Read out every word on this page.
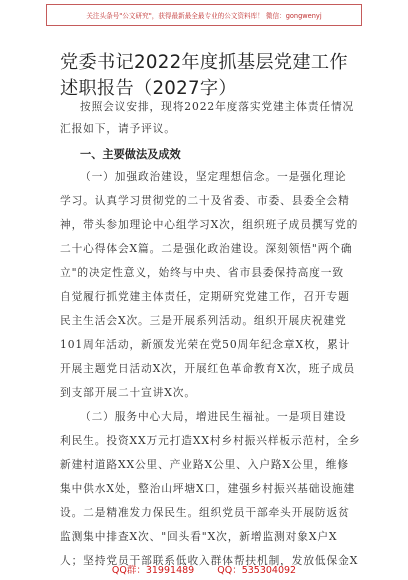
关注头条号"公文研究"，获得最新最全最专业的公文资料库！ 微信：gongwenyj
党委书记2022年度抓基层党建工作述职报告（2027字）
按照会议安排，现将2022年度落实党建主体责任情况
汇报如下，请予评议。
一、主要做法及成效
（一）加强政治建设，坚定理想信念。一是强化理论
学习。认真学习贯彻党的二十及省委、市委、县委全会精
神，带头参加理论中心组学习X次，组织班子成员撰写党的
二十心得体会X篇。二是强化政治建设。深刻领悟"两个确
立"的决定性意义，始终与中央、省市县委保持高度一致
自觉履行抓党建主体责任，定期研究党建工作，召开专题
民主生活会X次。三是开展系列活动。组织开展庆祝建党
101周年活动，新颁发光荣在党50周年纪念章X枚，累计
开展主题党日活动X次，开展红色革命教育X次，班子成员
到支部开展二十宣讲X次。
（二）服务中心大局，增进民生福祉。一是项目建设
利民生。投资XX万元打造XX村乡村振兴样板示范村，全乡
新建村道路XX公里、产业路X公里、入户路X公里，维修
集中供水X处，整治山坪塘X口，建强乡村振兴基础设施建
设。二是精准发力保民生。组织党员干部牵头开展防返贫
监测集中排查X次、"回头看"X次，新增监测对象X户X
人；坚持党员干部联系低收入群体帮扶机制，发放低保金X
QQ群：31991489 QQ：535304092
